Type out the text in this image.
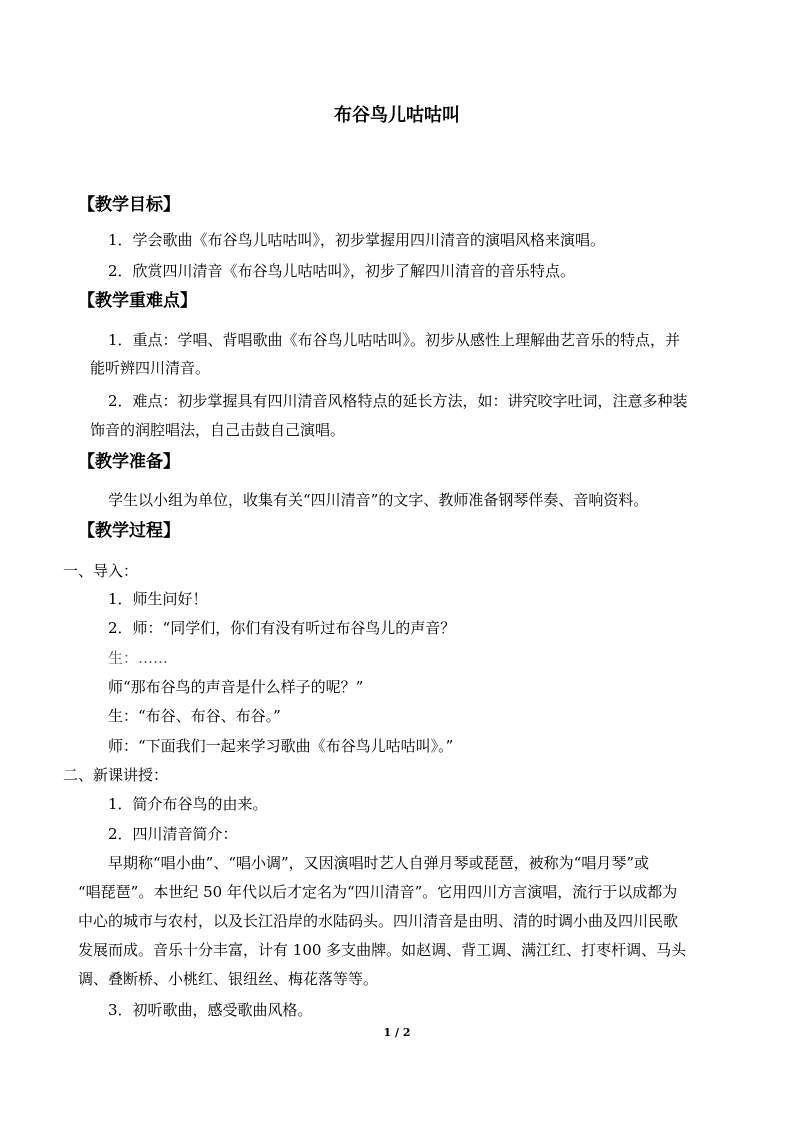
布谷鸟儿咕咕叫
【教学目标】
1．学会歌曲《布谷鸟儿咕咕叫》，初步掌握用四川清音的演唱风格来演唱。
2．欣赏四川清音《布谷鸟儿咕咕叫》，初步了解四川清音的音乐特点。
【教学重难点】
1．重点：学唱、背唱歌曲《布谷鸟儿咕咕叫》。初步从感性上理解曲艺音乐的特点，并
能听辨四川清音。
2．难点：初步掌握具有四川清音风格特点的延长方法，如：讲究咬字吐词，注意多种装
饰音的润腔唱法，自己击鼓自己演唱。
【教学准备】
学生以小组为单位，收集有关“四川清音”的文字、教师准备钢琴伴奏、音响资料。
【教学过程】
一、导入：
1．师生问好！
2．师：“同学们，你们有没有听过布谷鸟儿的声音？
生：……
师“那布谷鸟的声音是什么样子的呢？”
生：“布谷、布谷、布谷。”
师：“下面我们一起来学习歌曲《布谷鸟儿咕咕叫》。”
二、新课讲授：
1．简介布谷鸟的由来。
2．四川清音简介：
早期称“唱小曲”、“唱小调”，又因演唱时艺人自弹月琴或琵琶，被称为“唱月琴”或
“唱琵琶”。本世纪 50 年代以后才定名为“四川清音”。它用四川方言演唱，流行于以成都为
中心的城市与农村，以及长江沿岸的水陆码头。四川清音是由明、清的时调小曲及四川民歌
发展而成。音乐十分丰富，计有 100 多支曲牌。如赵调、背工调、满江红、打枣杆调、马头
调、叠断桥、小桃红、银纽丝、梅花落等等。
3．初听歌曲，感受歌曲风格。
1 / 2
